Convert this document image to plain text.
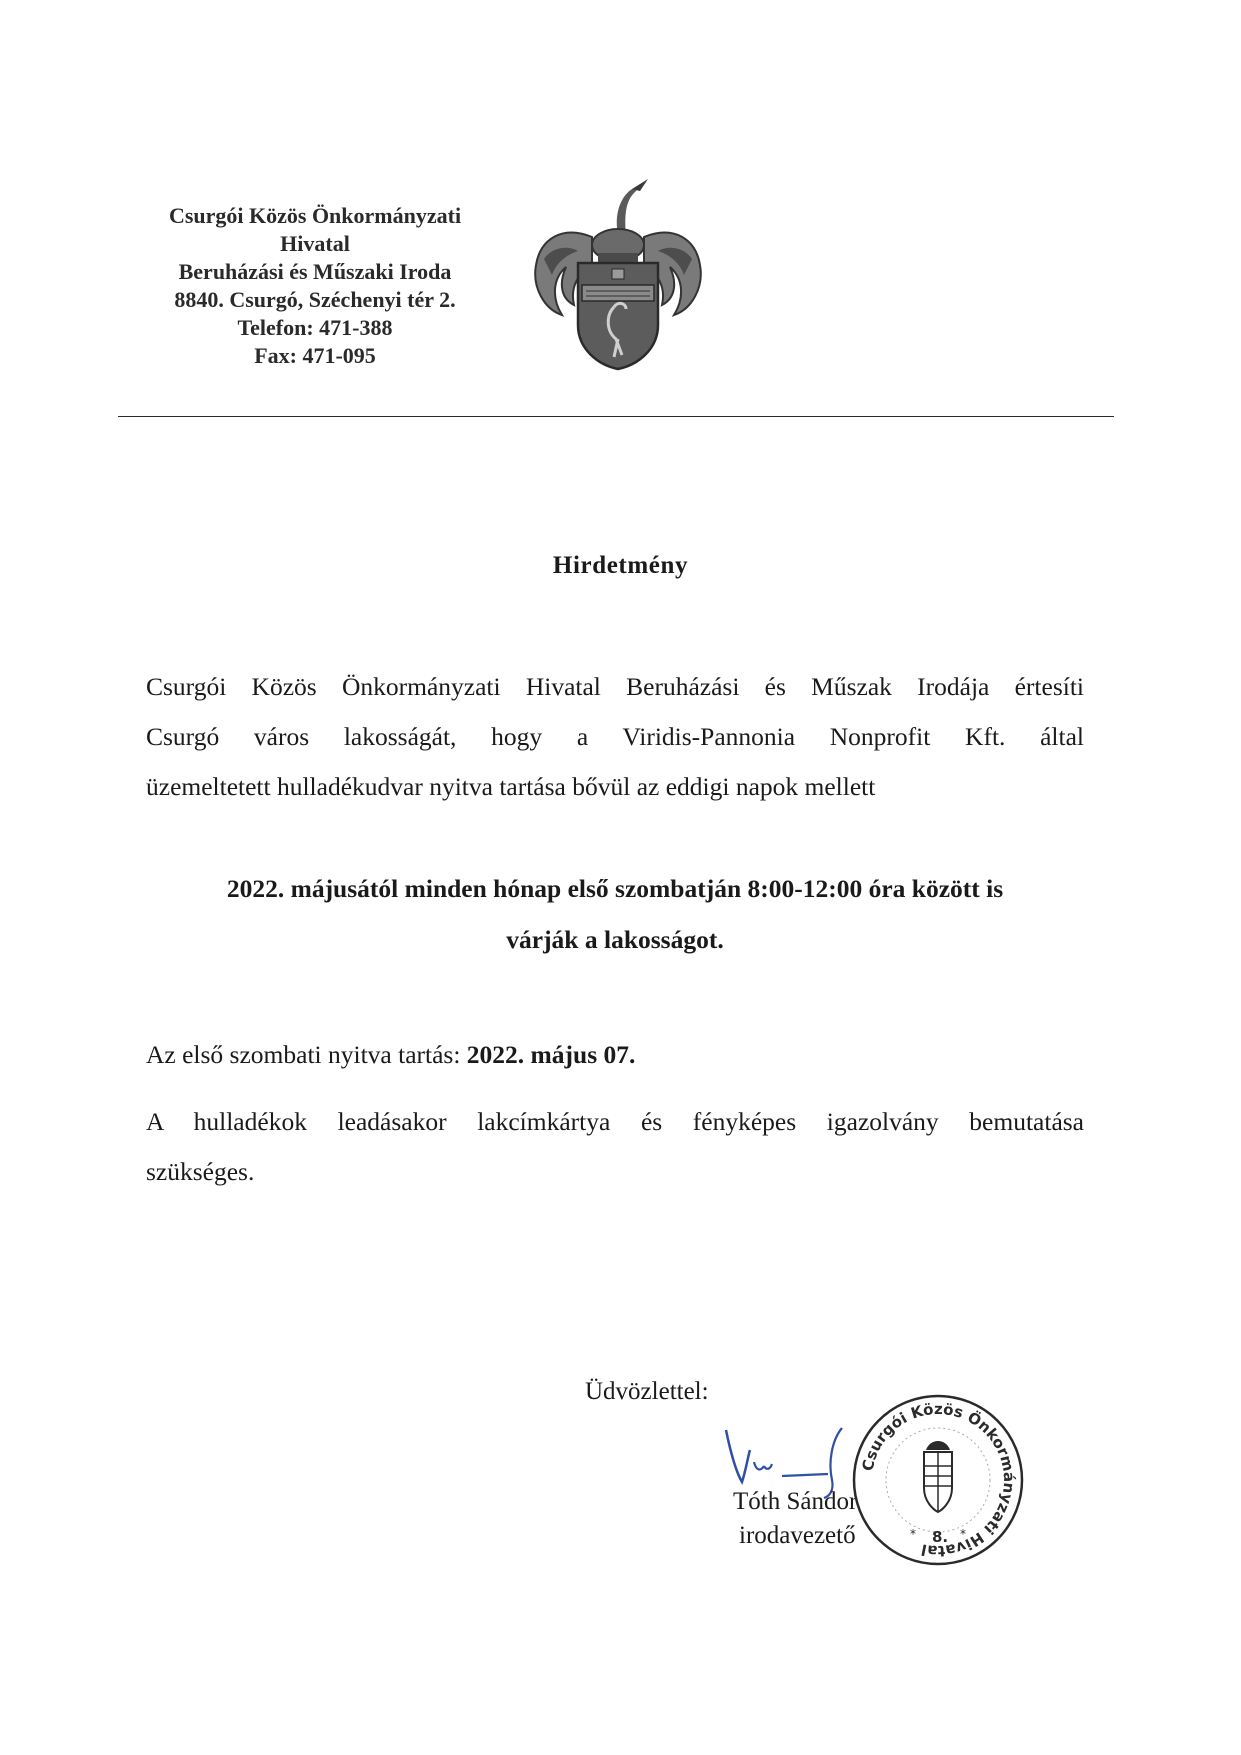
Csurgói Közös Önkormányzati
Hivatal
Beruházási és Műszaki Iroda
8840. Csurgó, Széchenyi tér 2.
Telefon: 471-388
Fax: 471-095
Hirdetmény
Csurgói Közös Önkormányzati Hivatal Beruházási és Műszak Irodája értesíti
Csurgó város lakosságát, hogy a Viridis-Pannonia Nonprofit Kft. által
üzemeltetett hulladékudvar nyitva tartása bővül az eddigi napok mellett
2022. májusától minden hónap első szombatján 8:00-12:00 óra között is
várják a lakosságot.
Az első szombati nyitva tartás: 2022. május 07.
A hulladékok leadásakor lakcímkártya és fényképes igazolvány bemutatása
szükséges.
Üdvözlettel:
Tóth Sándor
irodavezető
Csurgói Közös Önkormányzati Hivatal
*	*
8.
